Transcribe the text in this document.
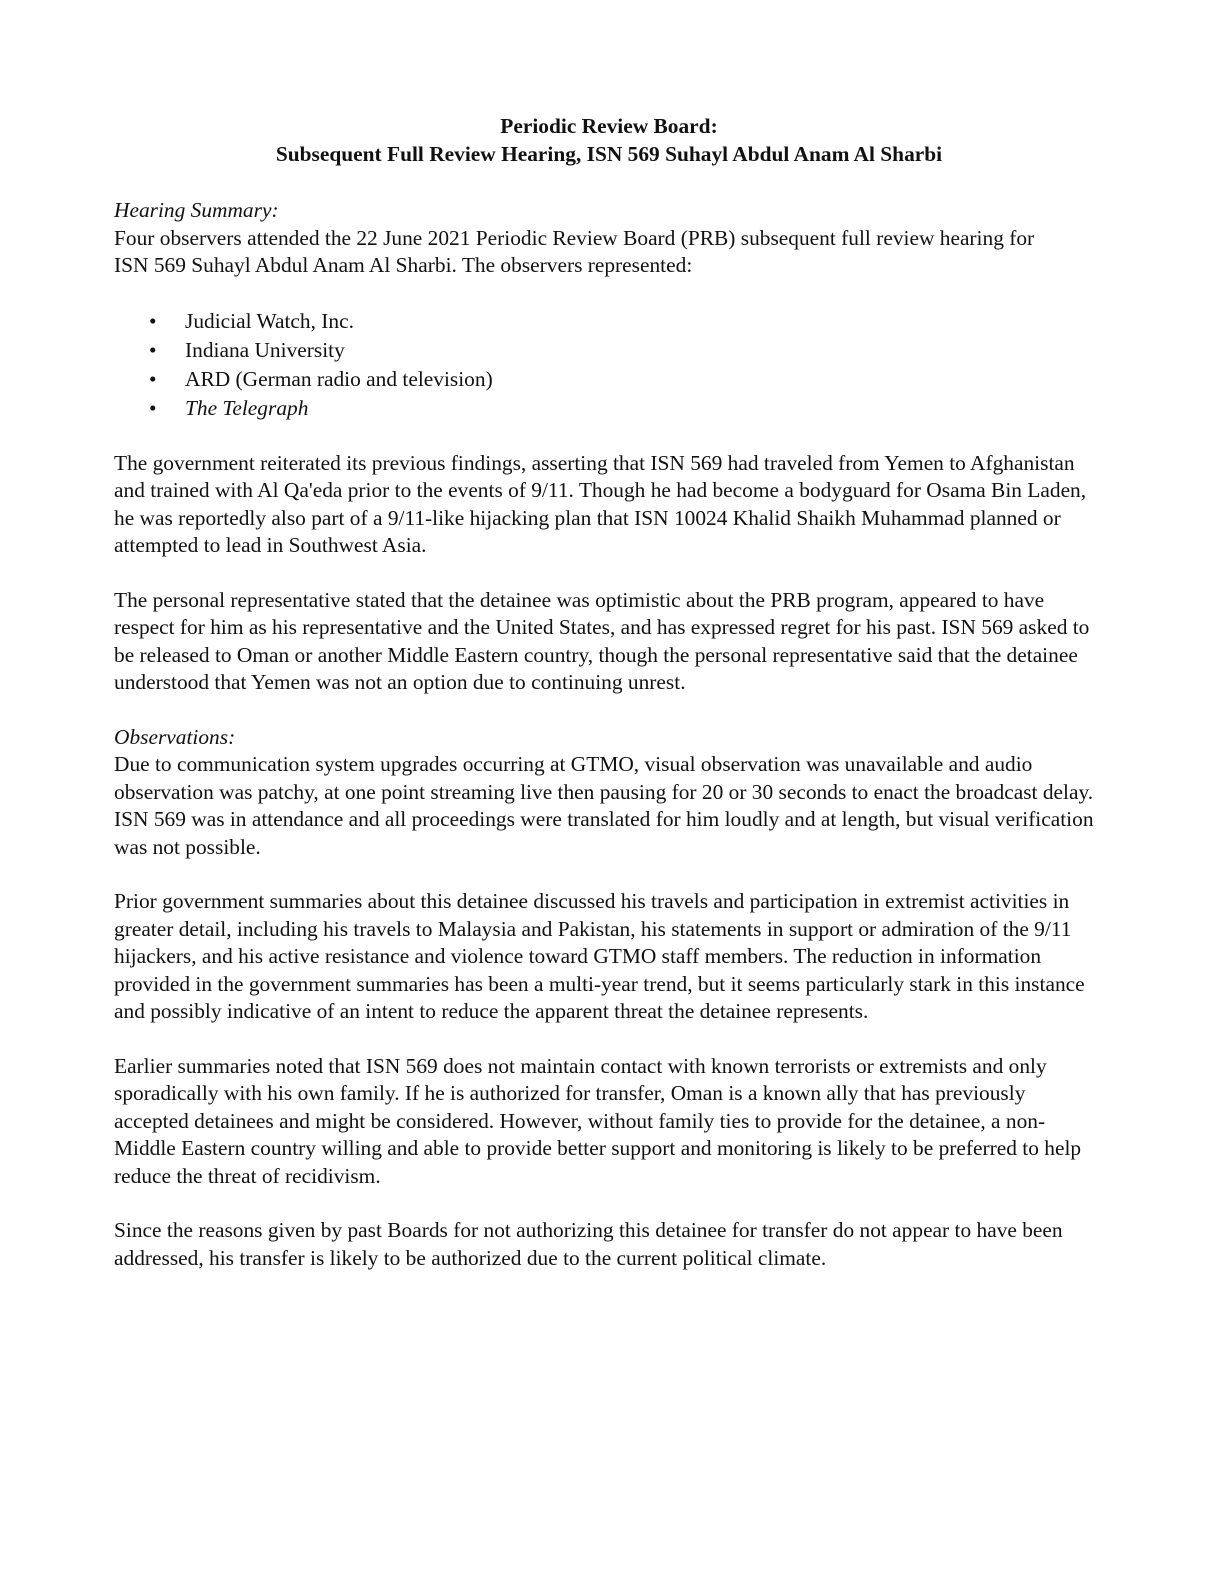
Periodic Review Board:
Subsequent Full Review Hearing, ISN 569 Suhayl Abdul Anam Al Sharbi
Hearing Summary:

Four observers attended the 22 June 2021 Periodic Review Board (PRB) subsequent full review hearing for ISN 569 Suhayl Abdul Anam Al Sharbi. The observers represented:

• Judicial Watch, Inc.
• Indiana University
• ARD (German radio and television)
• The Telegraph

The government reiterated its previous findings, asserting that ISN 569 had traveled from Yemen to Afghanistan and trained with Al Qa'eda prior to the events of 9/11. Though he had become a bodyguard for Osama Bin Laden, he was reportedly also part of a 9/11-like hijacking plan that ISN 10024 Khalid Shaikh Muhammad planned or attempted to lead in Southwest Asia.

The personal representative stated that the detainee was optimistic about the PRB program, appeared to have respect for him as his representative and the United States, and has expressed regret for his past. ISN 569 asked to be released to Oman or another Middle Eastern country, though the personal representative said that the detainee understood that Yemen was not an option due to continuing unrest.

Observations:

Due to communication system upgrades occurring at GTMO, visual observation was unavailable and audio observation was patchy, at one point streaming live then pausing for 20 or 30 seconds to enact the broadcast delay. ISN 569 was in attendance and all proceedings were translated for him loudly and at length, but visual verification was not possible.

Prior government summaries about this detainee discussed his travels and participation in extremist activities in greater detail, including his travels to Malaysia and Pakistan, his statements in support or admiration of the 9/11 hijackers, and his active resistance and violence toward GTMO staff members. The reduction in information provided in the government summaries has been a multi-year trend, but it seems particularly stark in this instance and possibly indicative of an intent to reduce the apparent threat the detainee represents.

Earlier summaries noted that ISN 569 does not maintain contact with known terrorists or extremists and only sporadically with his own family. If he is authorized for transfer, Oman is a known ally that has previously accepted detainees and might be considered. However, without family ties to provide for the detainee, a non-Middle Eastern country willing and able to provide better support and monitoring is likely to be preferred to help reduce the threat of recidivism.

Since the reasons given by past Boards for not authorizing this detainee for transfer do not appear to have been addressed, his transfer is likely to be authorized due to the current political climate.
